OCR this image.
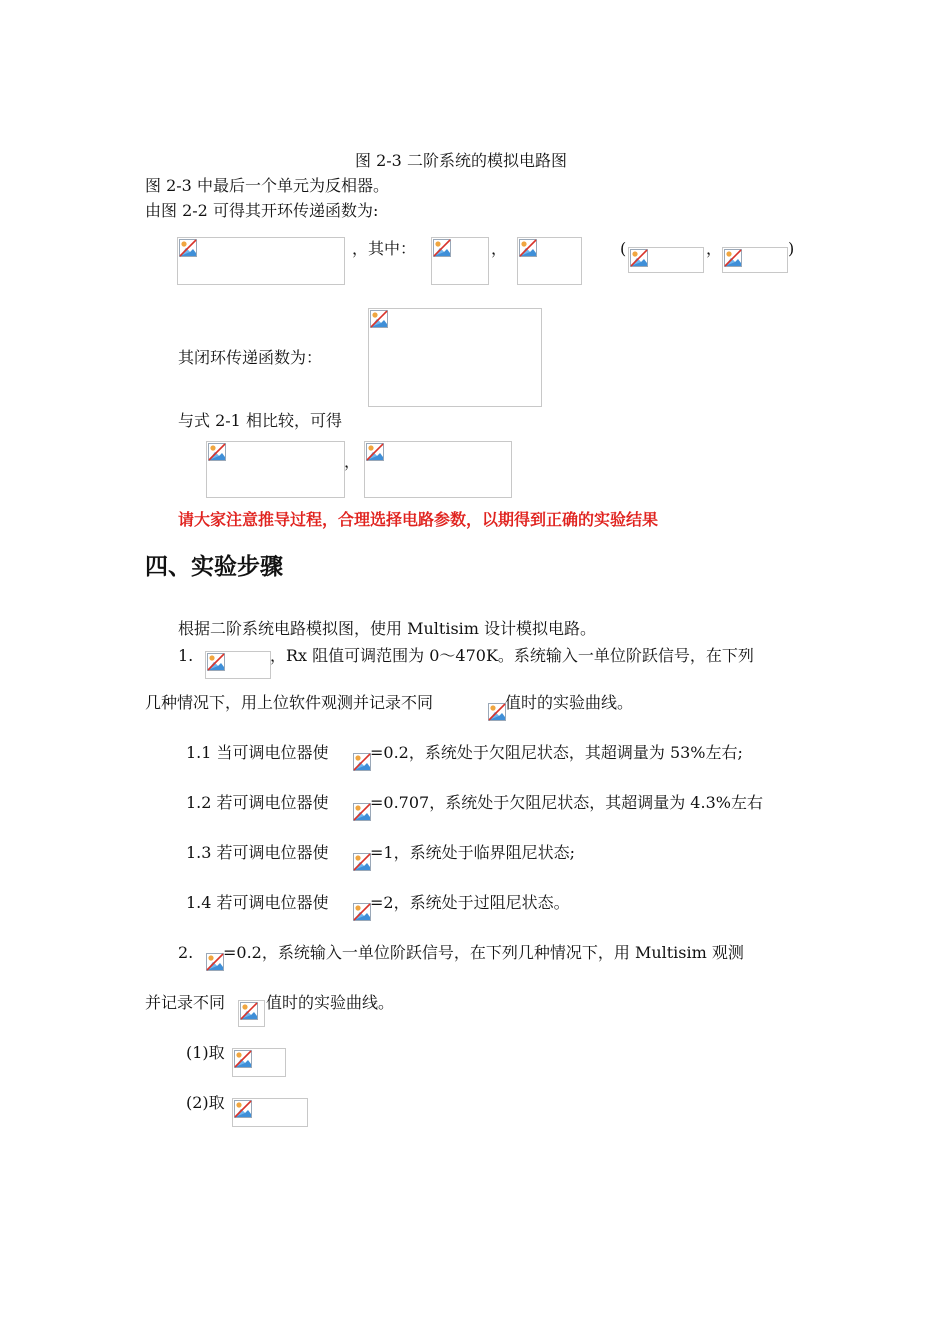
图 2-3 二阶系统的模拟电路图
图 2-3 中最后一个单元为反相器。
由图 2-2 可得其开环传递函数为:
，其中：	，	(	，	)
其闭环传递函数为：
与式 2-1 相比较，可得
，
请大家注意推导过程，合理选择电路参数，以期得到正确的实验结果
四、实验步骤
根据二阶系统电路模拟图，使用 Multisim 设计模拟电路。
1.	，Rx 阻值可调范围为 0～470K。系统输入一单位阶跃信号，在下列
几种情况下，用上位软件观测并记录不同	值时的实验曲线。
1.1 当可调电位器使	=0.2，系统处于欠阻尼状态，其超调量为 53%左右;
1.2 若可调电位器使	=0.707，系统处于欠阻尼状态，其超调量为 4.3%左右
1.3 若可调电位器使	=1，系统处于临界阻尼状态;
1.4 若可调电位器使	=2，系统处于过阻尼状态。
2. =0.2，系统输入一单位阶跃信号，在下列几种情况下，用 Multisim 观测
并记录不同	值时的实验曲线。
(1)取
(2)取
